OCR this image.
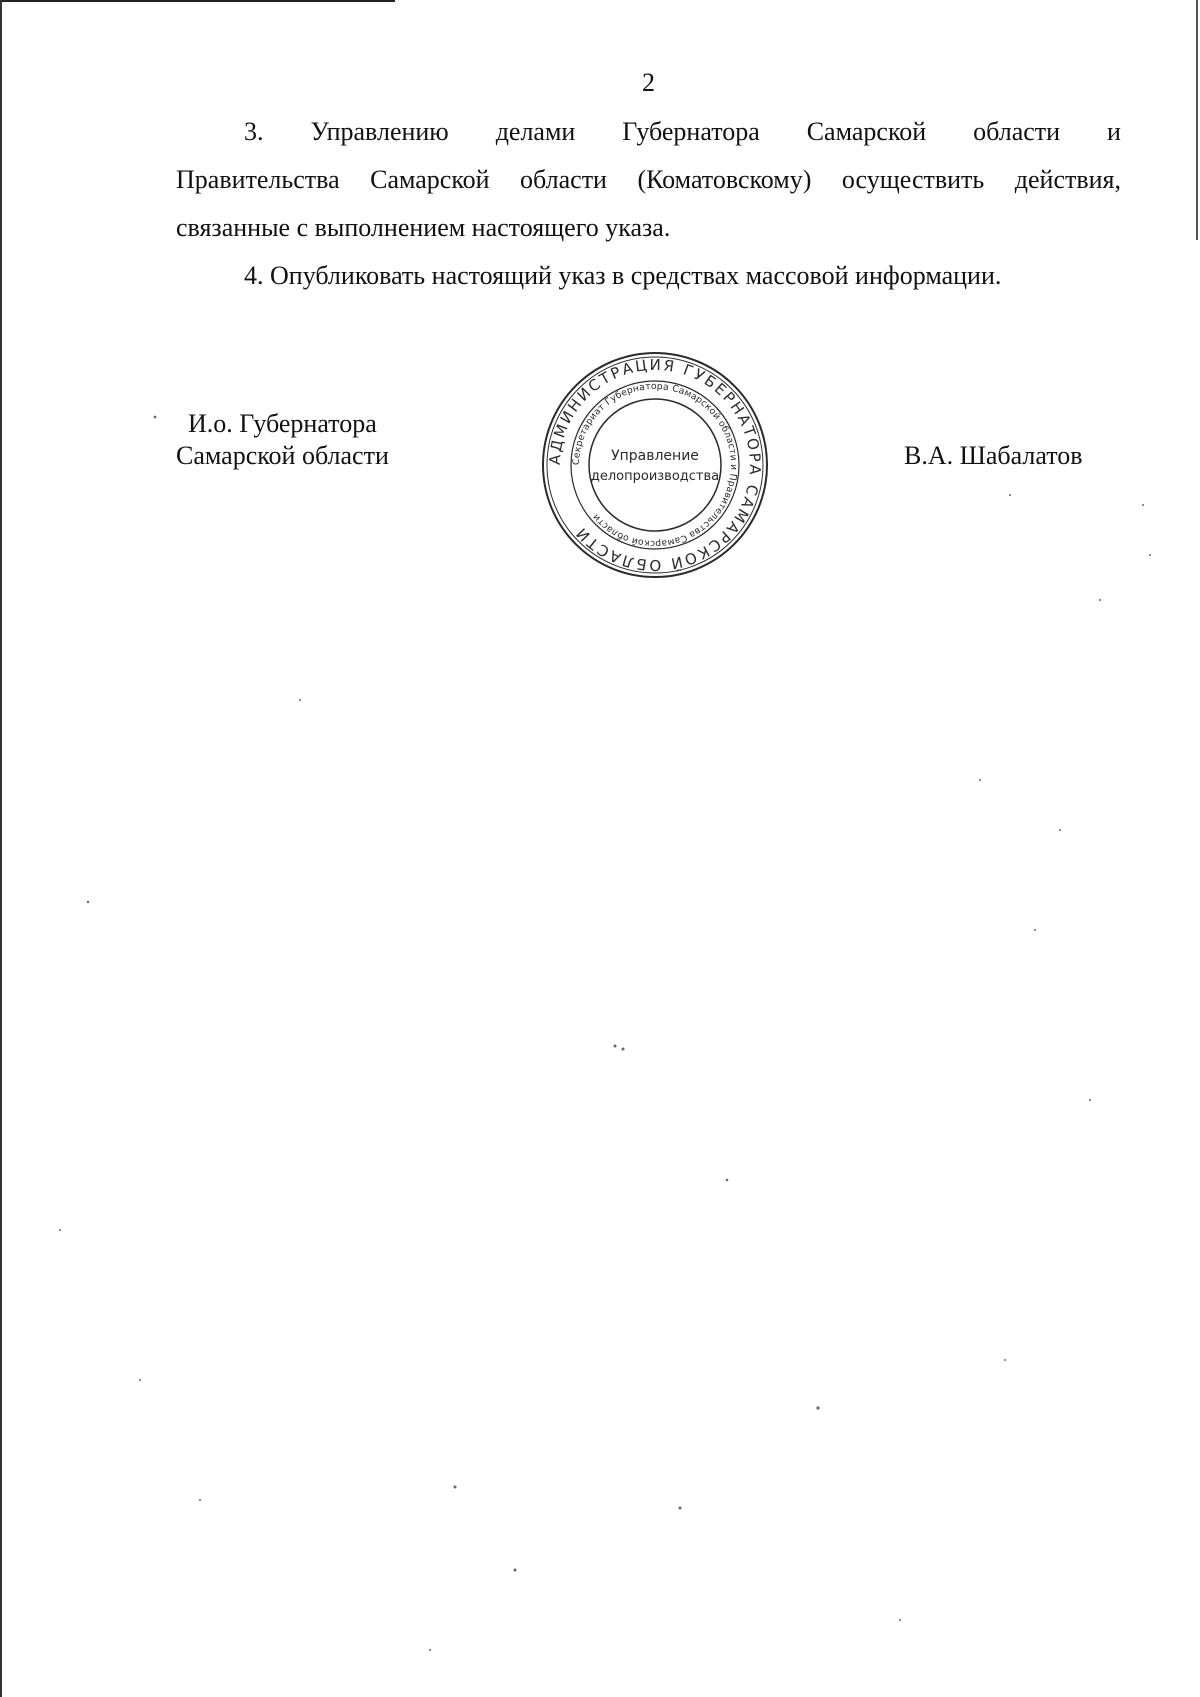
2
3. Управлению делами Губернатора Самарской области и
Правительства Самарской области (Коматовскому) осуществить действия,
связанные с выполнением настоящего указа.
4. Опубликовать настоящий указ в средствах массовой информации.
И.о. Губернатора
Самарской области	АДМИНИСТРАЦИЯ ГУБЕРНАТОРА САМАРСКОЙ ОБЛАСТИ
Секретариат Губернатора Самарской области и Правительства Самарской области
Управление
делопроизводства
В.А. Шабалатов
